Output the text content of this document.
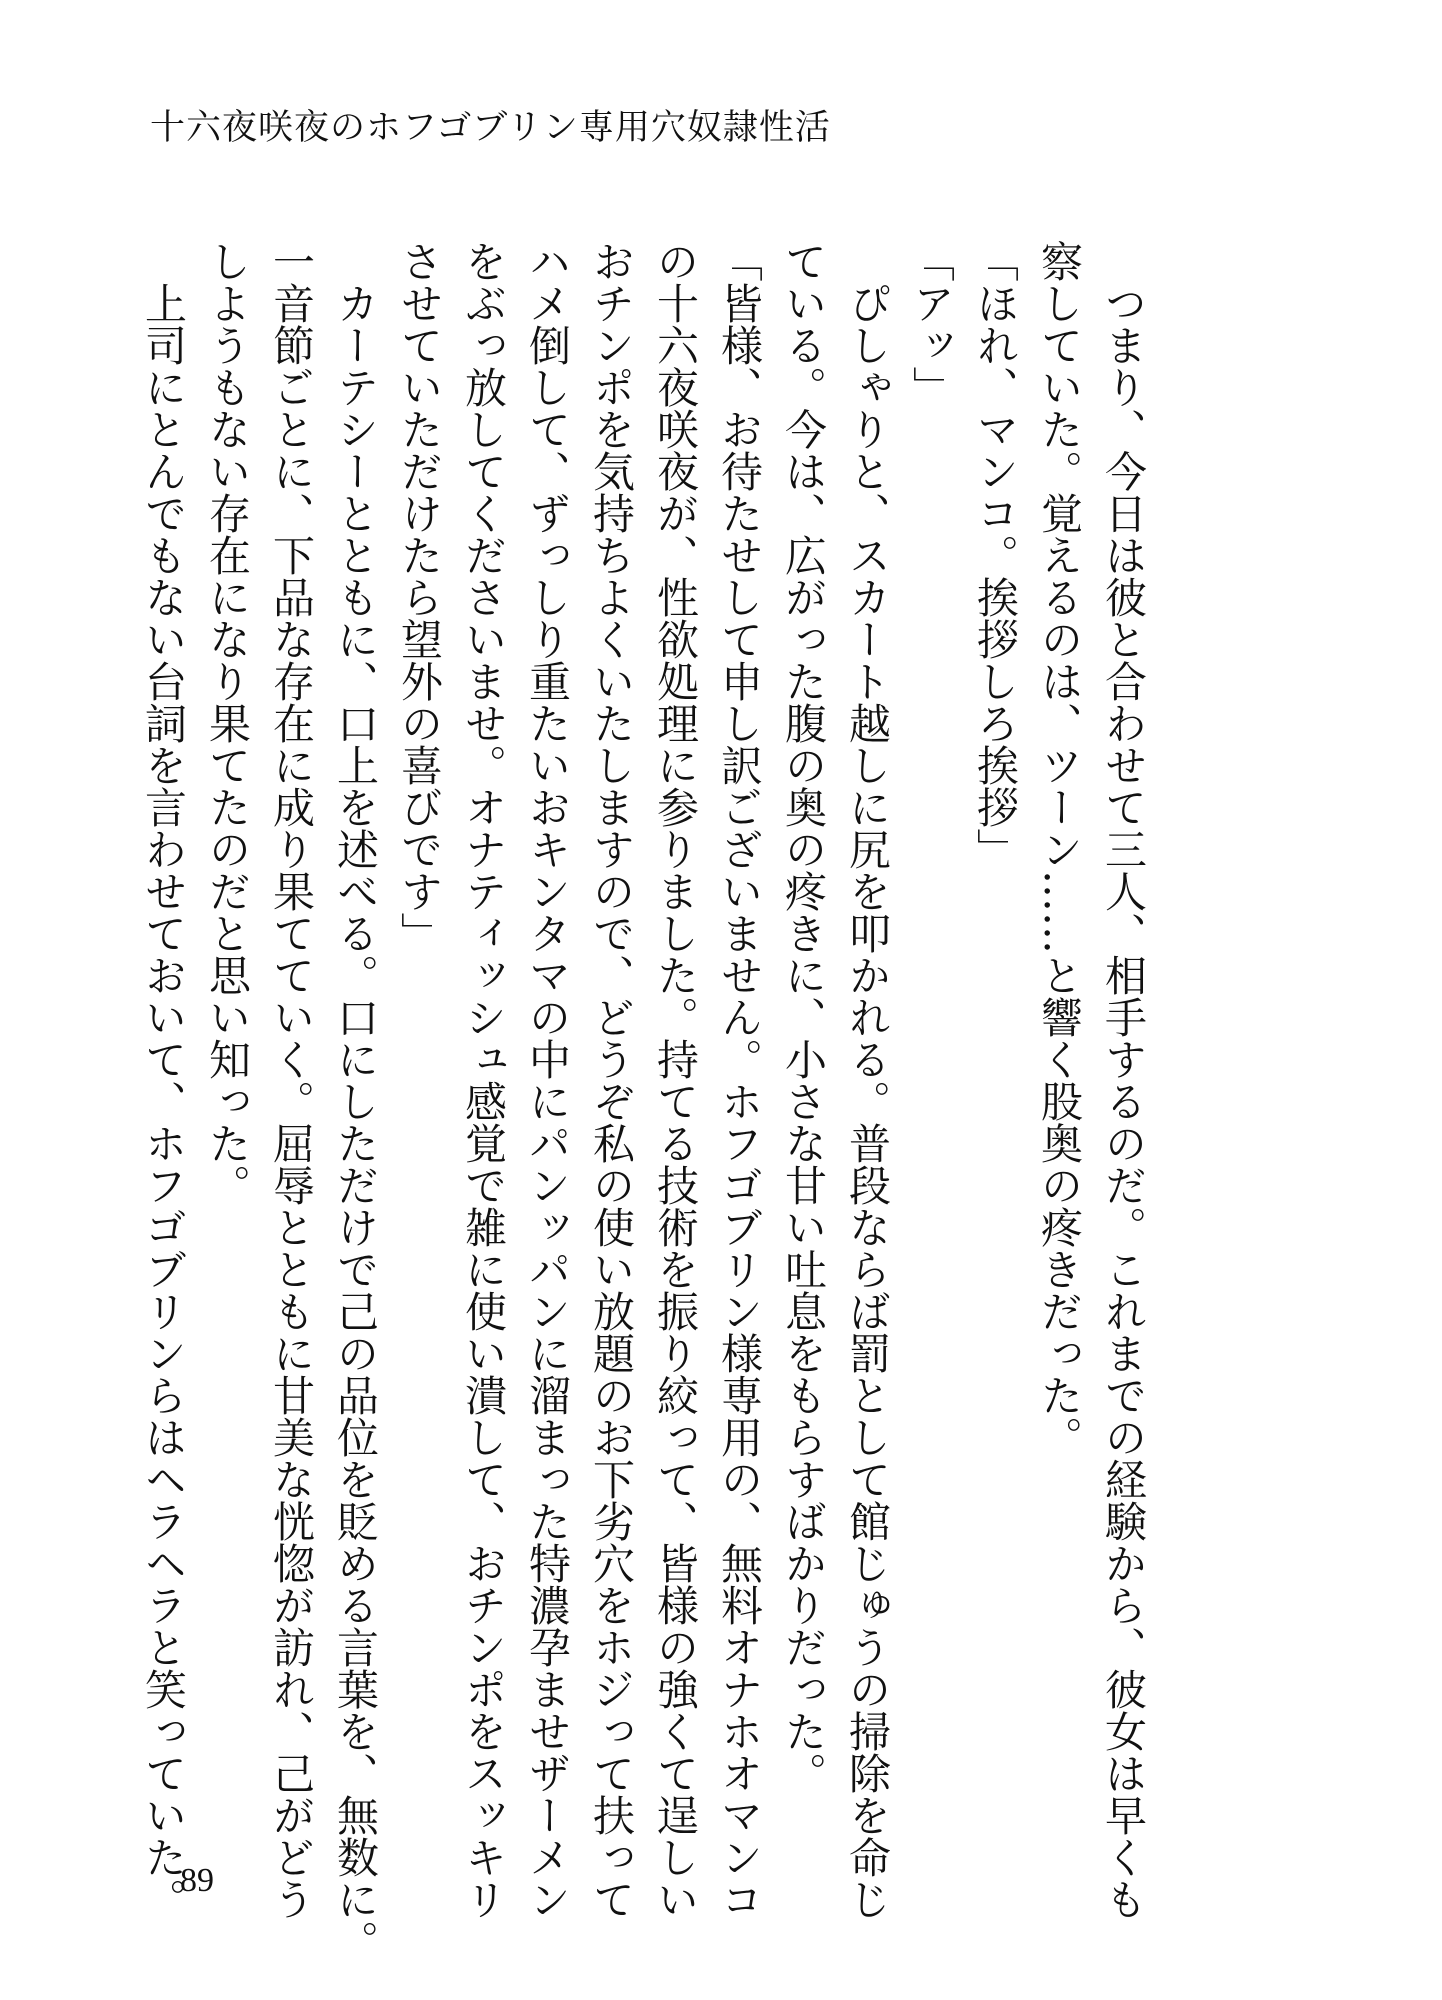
十六夜咲夜のホフゴブリン専用穴奴隷性活
つまり、今日は彼と合わせて三人、相手するのだ。これまでの経験から、彼女は早くも
察していた。覚えるのは、ツーン……と響く股奥の疼きだった。
「ほれ、マンコ。挨拶しろ挨拶」
「アッ」
ぴしゃりと、スカート越しに尻を叩かれる。普段ならば罰として館じゅうの掃除を命じ
ている。今は、広がった腹の奥の疼きに、小さな甘い吐息をもらすばかりだった。
「皆様、お待たせして申し訳ございません。ホフゴブリン様専用の、無料オナホオマンコ
の十六夜咲夜が、性欲処理に参りました。持てる技術を振り絞って、皆様の強くて逞しい
おチンポを気持ちよくいたしますので、どうぞ私の使い放題のお下劣穴をホジって扶って
ハメ倒して、ずっしり重たいおキンタマの中にパンッパンに溜まった特濃孕ませザーメン
をぶっ放してくださいませ。オナティッシュ感覚で雑に使い潰して、おチンポをスッキリ
させていただけたら望外の喜びです」
カーテシーとともに、口上を述べる。口にしただけで己の品位を貶める言葉を、無数に。
一音節ごとに、下品な存在に成り果てていく。屈辱とともに甘美な恍惚が訪れ、己がどう
しようもない存在になり果てたのだと思い知った。
上司にとんでもない台詞を言わせておいて、ホフゴブリンらはヘラヘラと笑っていた。
89
